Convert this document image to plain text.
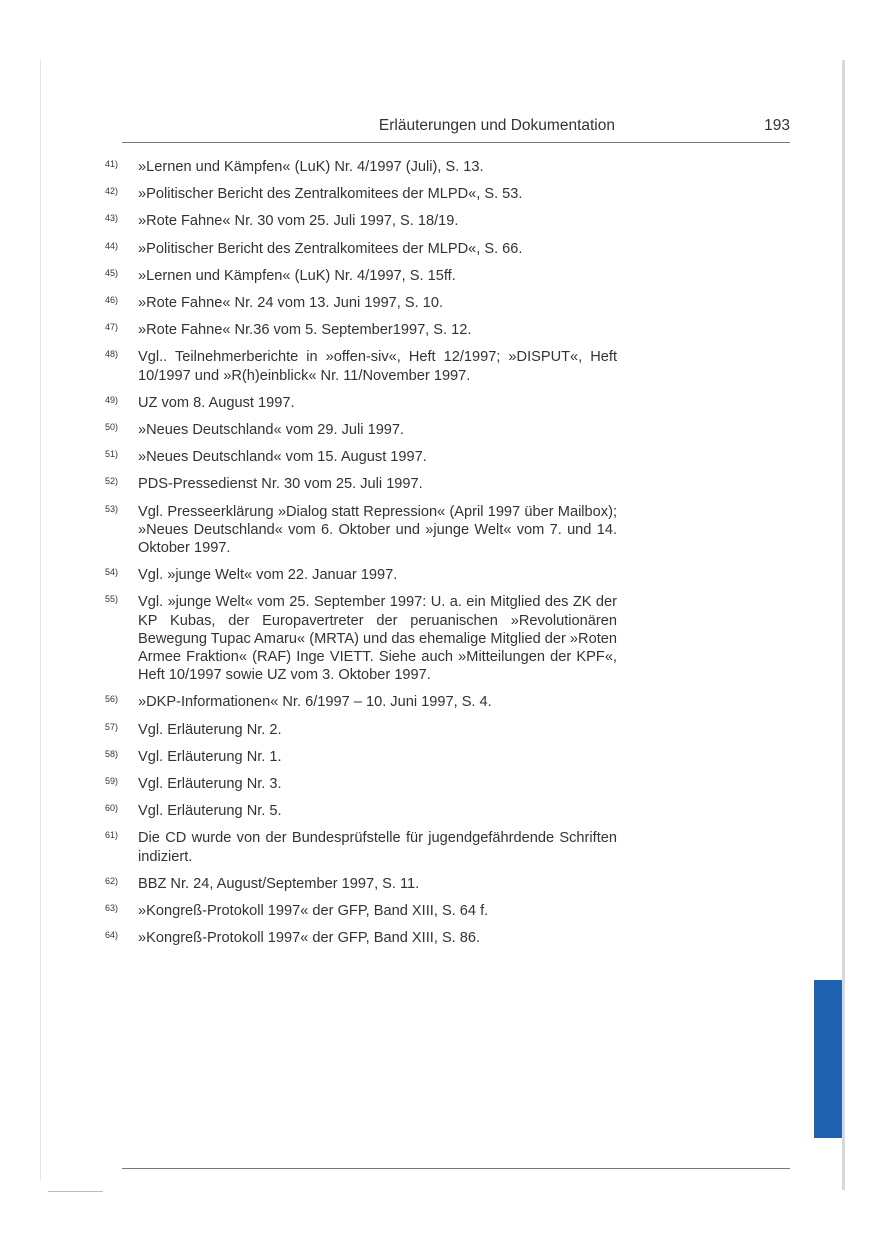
Erläuterungen und Dokumentation	193
41)	»Lernen und Kämpfen« (LuK) Nr. 4/1997 (Juli), S. 13.
42)	»Politischer Bericht des Zentralkomitees der MLPD«, S. 53.
43)	»Rote Fahne« Nr. 30 vom 25. Juli 1997, S. 18/19.
44)	»Politischer Bericht des Zentralkomitees der MLPD«, S. 66.
45)	»Lernen und Kämpfen« (LuK) Nr. 4/1997, S. 15ff.
46)	»Rote Fahne« Nr. 24 vom 13. Juni 1997, S. 10.
47)	»Rote Fahne« Nr.36 vom 5. September1997, S. 12.
48)	Vgl.. Teilnehmerberichte in »offen-siv«, Heft 12/1997; »DISPUT«, Heft 10/1997 und »R(h)einblick« Nr. 11/November 1997.
49)	UZ vom 8. August 1997.
50)	»Neues Deutschland« vom 29. Juli 1997.
51)	»Neues Deutschland« vom 15. August 1997.
52)	PDS-Pressedienst Nr. 30 vom 25. Juli 1997.
53)	Vgl. Presseerklärung »Dialog statt Repression« (April 1997 über Mailbox); »Neues Deutschland« vom 6. Oktober und »junge Welt« vom 7. und 14. Oktober 1997.
54)	Vgl. »junge Welt« vom 22. Januar 1997.
55)	Vgl. »junge Welt« vom 25. September 1997: U. a. ein Mitglied des ZK der KP Kubas, der Europavertreter der peruanischen »Revolutionären Bewegung Tupac Amaru« (MRTA) und das ehemalige Mitglied der »Roten Armee Fraktion« (RAF) Inge VIETT. Siehe auch »Mitteilungen der KPF«, Heft 10/1997 sowie UZ vom 3. Oktober 1997.
56)	»DKP-Informationen« Nr. 6/1997 – 10. Juni 1997, S. 4.
57)	Vgl. Erläuterung Nr. 2.
58)	Vgl. Erläuterung Nr. 1.
59)	Vgl. Erläuterung Nr. 3.
60)	Vgl. Erläuterung Nr. 5.
61)	Die CD wurde von der Bundesprüfstelle für jugendgefährdende Schriften indiziert.
62)	BBZ Nr. 24, August/September 1997, S. 11.
63)	»Kongreß-Protokoll 1997« der GFP, Band XIII, S. 64 f.
64)	»Kongreß-Protokoll 1997« der GFP, Band XIII, S. 86.
